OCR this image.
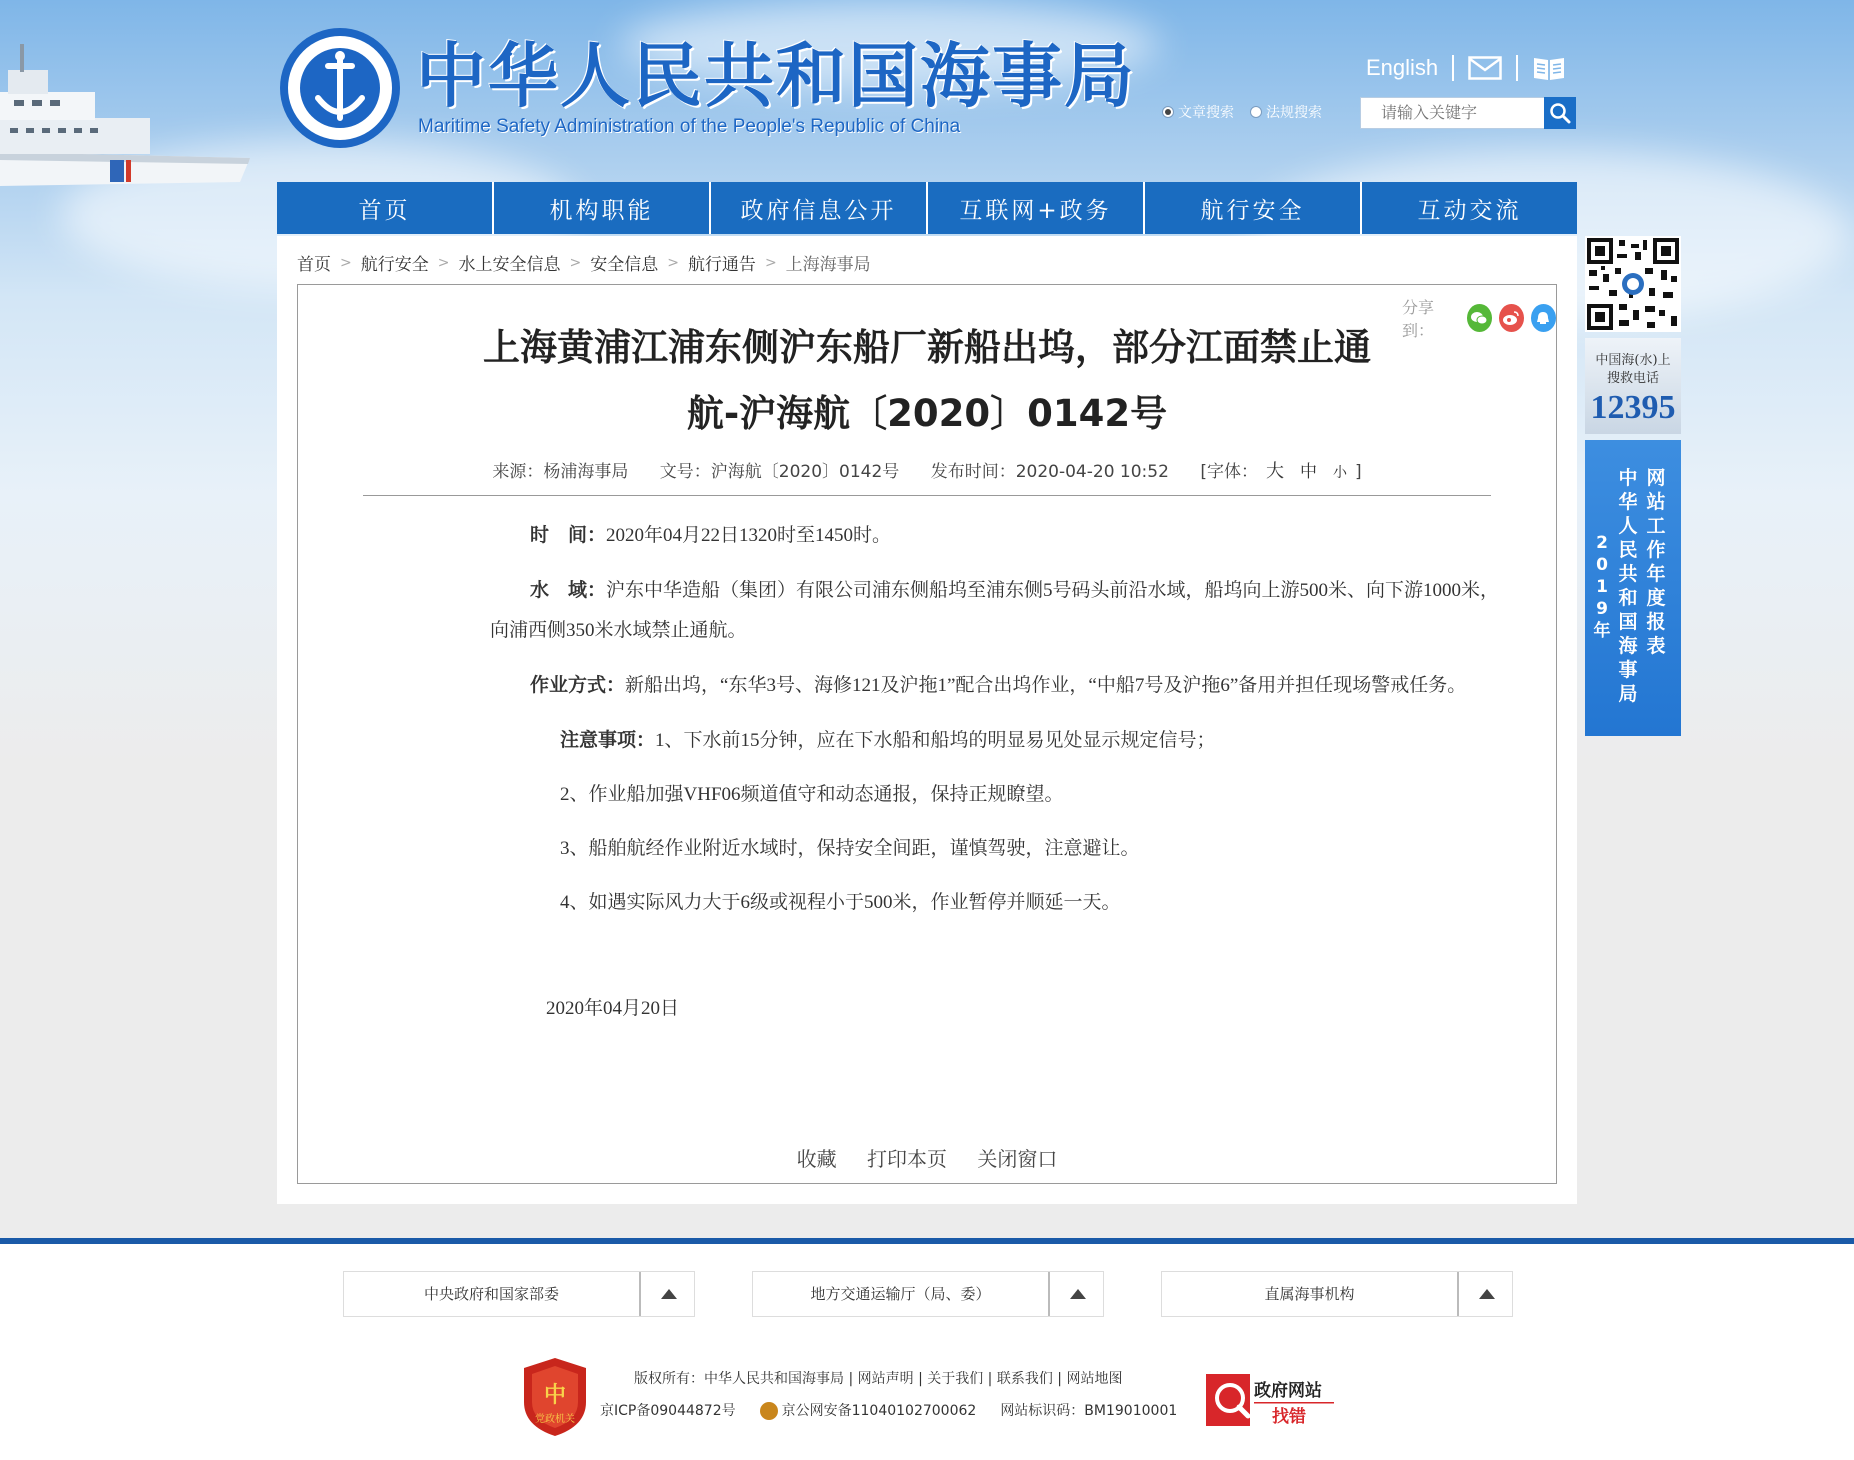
中华人民共和国海事局
Maritime Safety Administration of the People's Republic of China
English
文章搜索 法规搜索
请输入关键字
首页	机构职能	政府信息公开	互联网+政务	航行安全	互动交流
首页 > 航行安全 > 水上安全信息 > 安全信息 > 航行通告 > 上海海事局
分享到：
上海黄浦江浦东侧沪东船厂新船出坞，部分江面禁止通
航-沪海航〔2020〕0142号
来源：杨浦海事局 文号：沪海航〔2020〕0142号 发布时间：2020-04-20 10:52 [字体： 大 中 小 ]

时　间：2020年04月22日1320时至1450时。

水　域：沪东中华造船（集团）有限公司浦东侧船坞至浦东侧5号码头前沿水域，船坞向上游500米、向下游1000米，向浦西侧350米水域禁止通航。

作业方式：新船出坞，“东华3号、海修121及沪拖1”配合出坞作业，“中船7号及沪拖6”备用并担任现场警戒任务。

注意事项：1、下水前15分钟，应在下水船和船坞的明显易见处显示规定信号；

2、作业船加强VHF06频道值守和动态通报，保持正规瞭望。

3、船舶航经作业附近水域时，保持安全间距，谨慎驾驶，注意避让。

4、如遇实际风力大于6级或视程小于500米，作业暂停并顺延一天。

2020年04月20日

收藏 打印本页 关闭窗口
中国海(水)上
搜救电话
12395
网
站
工
作
年
度
报
表
中
华
人
民
共
和
国
海
事
局
2
0
1
9
年
中央政府和国家部委	地方交通运输厅（局、委）	直属海事机构
中
党政机关
版权所有：中华人民共和国海事局 | 网站声明 | 关于我们 | 联系我们 | 网站地图
京ICP备09044872号	京公网安备11040102700062 网站标识码：BM19010001
政府网站
找错
